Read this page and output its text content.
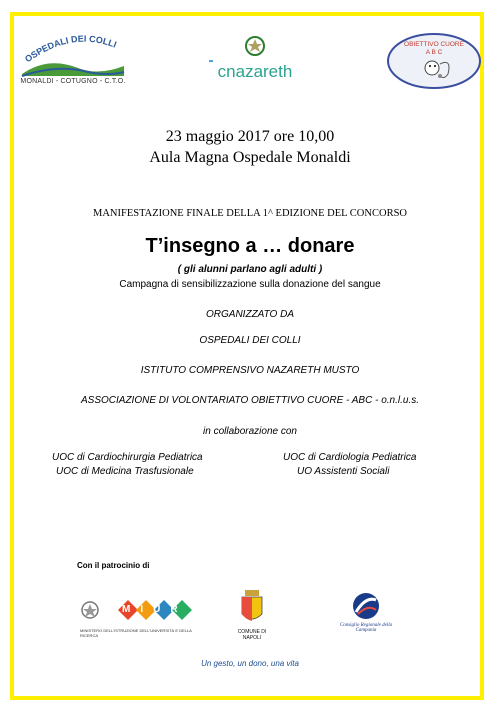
OSPEDALI DEI COLLI
MONALDI - COTUGNO - C.T.O.
cnazareth
OBIETTIVO CUORE
A B C
23 maggio 2017 ore 10,00
Aula Magna Ospedale Monaldi
MANIFESTAZIONE FINALE DELLA 1^ EDIZIONE DEL CONCORSO
T’insegno a … donare
( gli alunni parlano agli adulti )
Campagna di sensibilizzazione sulla donazione del sangue
ORGANIZZATO DA
OSPEDALI DEI COLLI
ISTITUTO COMPRENSIVO NAZARETH MUSTO
ASSOCIAZIONE DI VOLONTARIATO OBIETTIVO CUORE - ABC - o.n.l.u.s.
in collaborazione con
UOC di Cardiochirurgia Pediatrica
UOC di Medicina Trasfusionale
UOC di Cardiologia Pediatrica
UO Assistenti Sociali
Con il patrocinio di
MIUR
MINISTERO DELL'ISTRUZIONE DELL'UNIVERSITÀ E DELLA RICERCA
COMUNE DI NAPOLI
Consiglio Regionale della Campania
Un gesto, un dono, una vita
